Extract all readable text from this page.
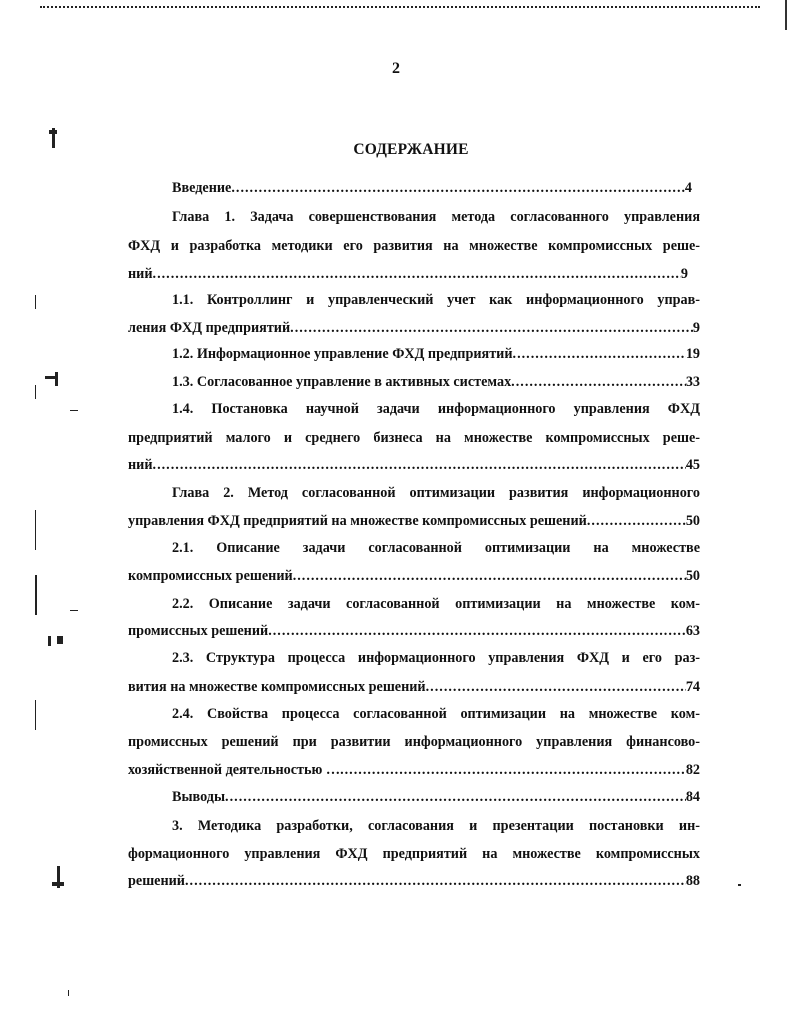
2
СОДЕРЖАНИЕ
Введение .....	4
Глава 1. Задача совершенствования метода согласованного управления
ФХД и разработка методики его развития на множестве компромиссных реше-
ний .....	9
1.1. Контроллинг и управленческий учет как информационного управ-
ления ФХД предприятий .....	9
1.2. Информационное управление ФХД предприятий .....	19
1.3. Согласованное управление в активных системах .....	33
1.4. Постановка научной задачи информационного управления ФХД
предприятий малого и среднего бизнеса на множестве компромиссных реше-
ний .....	45
Глава 2. Метод согласованной оптимизации развития информационного
управления ФХД предприятий на множестве компромиссных решений .....	50
2.1. Описание задачи согласованной оптимизации на множестве
компромиссных решений .....	50
2.2. Описание задачи согласованной оптимизации на множестве ком-
промиссных решений .....	63
2.3. Структура процесса информационного управления ФХД и его раз-
вития на множестве компромиссных решений .....	74
2.4. Свойства процесса согласованной оптимизации на множестве ком-
промиссных решений при развитии информационного управления финансово-
хозяйственной деятельностью … .....	82
Выводы .....	84
3. Методика разработки, согласования и презентации постановки ин-
формационного управления ФХД предприятий на множестве компромиссных
решений .....	88
